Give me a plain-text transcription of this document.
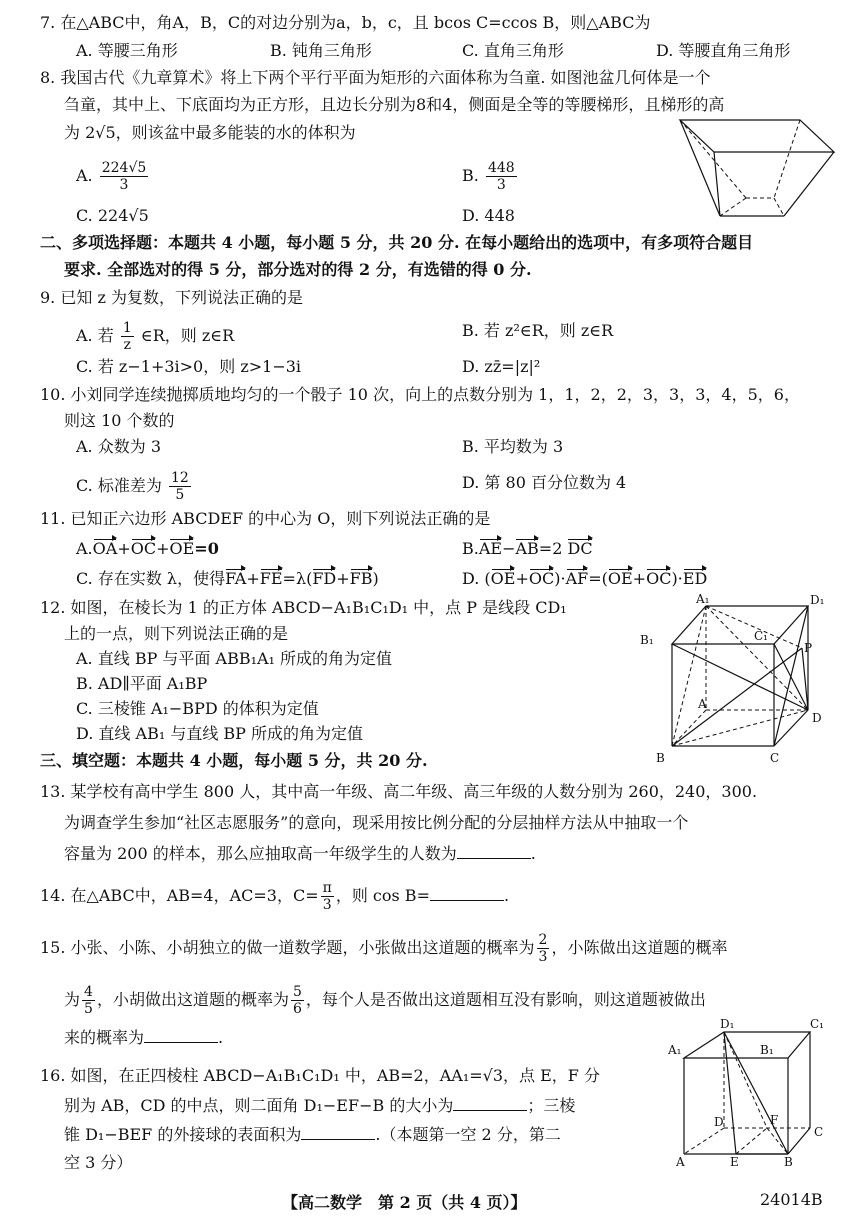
7. 在△ABC中，角A，B，C的对边分别为a，b，c，且 bcos C=ccos B，则△ABC为
A. 等腰三角形	B. 钝角三角形	C. 直角三角形	D. 等腰直角三角形
8. 我国古代《九章算术》将上下两个平行平面为矩形的六面体称为刍童. 如图池盆几何体是一个
刍童，其中上、下底面均为正方形，且边长分别为8和4，侧面是全等的等腰梯形，且梯形的高
为 2√5，则该盆中最多能装的水的体积为
A. $\frac{224√5}{3}$	B. $\frac{448}{3}$
C. 224√5	D. 448
二、多项选择题：本题共 4 小题，每小题 5 分，共 20 分. 在每小题给出的选项中，有多项符合题目
要求. 全部选对的得 5 分，部分选对的得 2 分，有选错的得 0 分.
9. 已知 z 为复数，下列说法正确的是
A. 若 $\frac{1}{z}$ ∈R，则 z∈R	B. 若 z²∈R，则 z∈R
C. 若 z−1+3i>0，则 z>1−3i	D. zz̄=|z|²
10. 小刘同学连续抛掷质地均匀的一个骰子 10 次，向上的点数分别为 1，1，2，2，3，3，3，4，5，6，
则这 10 个数的
A. 众数为 3	B. 平均数为 3
C. 标准差为 $\frac{12}{5}$	D. 第 80 百分位数为 4
11. 已知正六边形 ABCDEF 的中心为 O，则下列说法正确的是
A.OA+OC+OE=0	B.AE−AB=2 DC
C. 存在实数 λ，使得FA+FE=λ(FD+FB)	D. (OE+OC)·AF=(OE+OC)·ED
12. 如图，在棱长为 1 的正方体 ABCD−A₁B₁C₁D₁ 中，点 P 是线段 CD₁
上的一点，则下列说法正确的是
A. 直线 BP 与平面 ABB₁A₁ 所成的角为定值
B. AD∥平面 A₁BP
C. 三棱锥 A₁−BPD 的体积为定值
D. 直线 AB₁ 与直线 BP 所成的角为定值
A₁	D₁
B₁	C₁
P
A
D
B	C
三、填空题：本题共 4 小题，每小题 5 分，共 20 分.
13. 某学校有高中学生 800 人，其中高一年级、高二年级、高三年级的人数分别为 260，240，300.
为调查学生参加“社区志愿服务”的意向，现采用按比例分配的分层抽样方法从中抽取一个
容量为 200 的样本，那么应抽取高一年级学生的人数为	.
14. 在△ABC中，AB=4，AC=3，$C= \frac{\pi}{3}$ ，则 cos B=	.
15. 小张、小陈、小胡独立的做一道数学题，小张做出这道题的概率为 $\frac{2}{3}$ ，小陈做出这道题的概率
为 $\frac{4}{5}$ ，小胡做出这道题的概率为 $\frac{5}{6}$ ，每个人是否做出这道题相互没有影响，则这道题被做出
来的概率为	.
16. 如图，在正四棱柱 ABCD−A₁B₁C₁D₁ 中，AB=2，AA₁=√3，点 E，F 分
别为 AB，CD 的中点，则二面角 D₁−EF−B 的大小为	；三棱
锥 D₁−BEF 的外接球的表面积为	.（本题第一空 2 分，第二
空 3 分）
D₁	C₁
A₁	B₁
D	F
C
A	E	B
【高二数学　第 2 页（共 4 页）】	24014B
